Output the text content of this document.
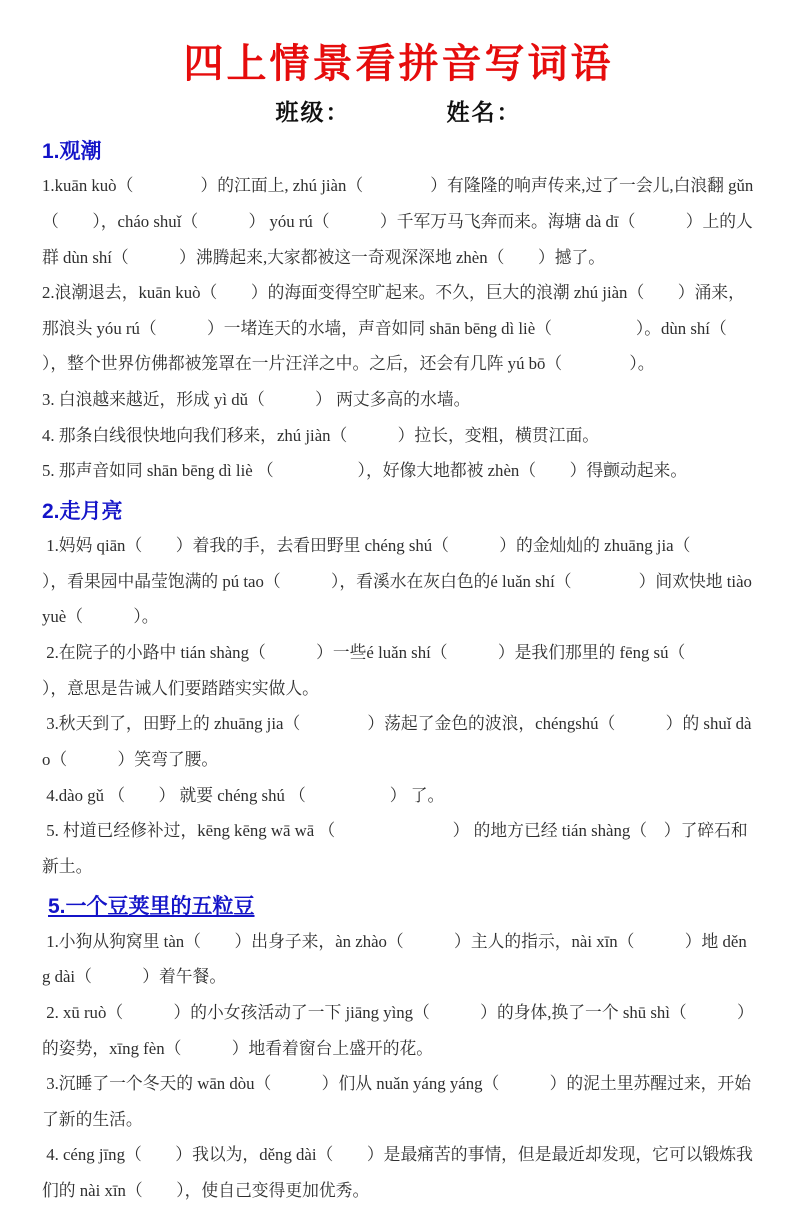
四上情景看拼音写词语
班级：	姓名：
1.观潮

1.kuān kuò（　　　　）的江面上, zhú jiàn（　　　　）有隆隆的响声传来,过了一会儿,白浪翻 gǔn（　　），cháo shuǐ（　　　） yóu rú（　　　）千军万马飞奔而来。海塘 dà dī（　　　）上的人群 dùn shí（　　　）沸腾起来,大家都被这一奇观深深地 zhèn（　　）撼了。

2.浪潮退去，kuān kuò（　　）的海面变得空旷起来。不久，巨大的浪潮 zhú jiàn（　　）涌来，那浪头 yóu rú（　　　）一堵连天的水墙，声音如同 shān bēng dì liè（　　　　　）。dùn shí（　　），整个世界仿佛都被笼罩在一片汪洋之中。之后，还会有几阵 yú bō（　　　　）。

3. 白浪越来越近，形成 yì dǔ（　　　） 两丈多高的水墙。

4. 那条白线很快地向我们移来，zhú jiàn（　　　）拉长，变粗，横贯江面。

5. 那声音如同 shān bēng dì liè （　　　　　），好像大地都被 zhèn（　　）得颤动起来。

2.走月亮

1.妈妈 qiān（　　）着我的手，去看田野里 chéng shú（　　　）的金灿灿的 zhuāng jia（　　　），看果园中晶莹饱满的 pú tao（　　　），看溪水在灰白色的é luǎn shí（　　　　）间欢快地 tiào yuè（　　　）。

2.在院子的小路中 tián shàng（　　　）一些é luǎn shí（　　　）是我们那里的 fēng sú（　　　　），意思是告诫人们要踏踏实实做人。

3.秋天到了，田野上的 zhuāng jia（　　　　）荡起了金色的波浪，chéngshú（　　　）的 shuǐ dào（　　　）笑弯了腰。

4.dào gǔ （　　） 就要 chéng shú （　　　　　） 了。

5. 村道已经修补过，kēng kēng wā wā （　　　　　　　） 的地方已经 tián shàng（　）了碎石和新土。

5.一个豆荚里的五粒豆

1.小狗从狗窝里 tàn（　　）出身子来，àn zhào（　　　）主人的指示，nài xīn（　　　）地 děng dài（　　　）着午餐。

2. xū ruò（　　　）的小女孩活动了一下 jiāng yìng（　　　）的身体,换了一个 shū shì（　　　）的姿势，xīng fèn（　　　）地看着窗台上盛开的花。

3.沉睡了一个冬天的 wān dòu（　　　）们从 nuǎn yáng yáng（　　　）的泥土里苏醒过来，开始了新的生活。

4. céng jīng（　　）我以为，děng dài（　　）是最痛苦的事情，但是最近却发现，它可以锻炼我们的 nài xīn（　　），使自己变得更加优秀。
